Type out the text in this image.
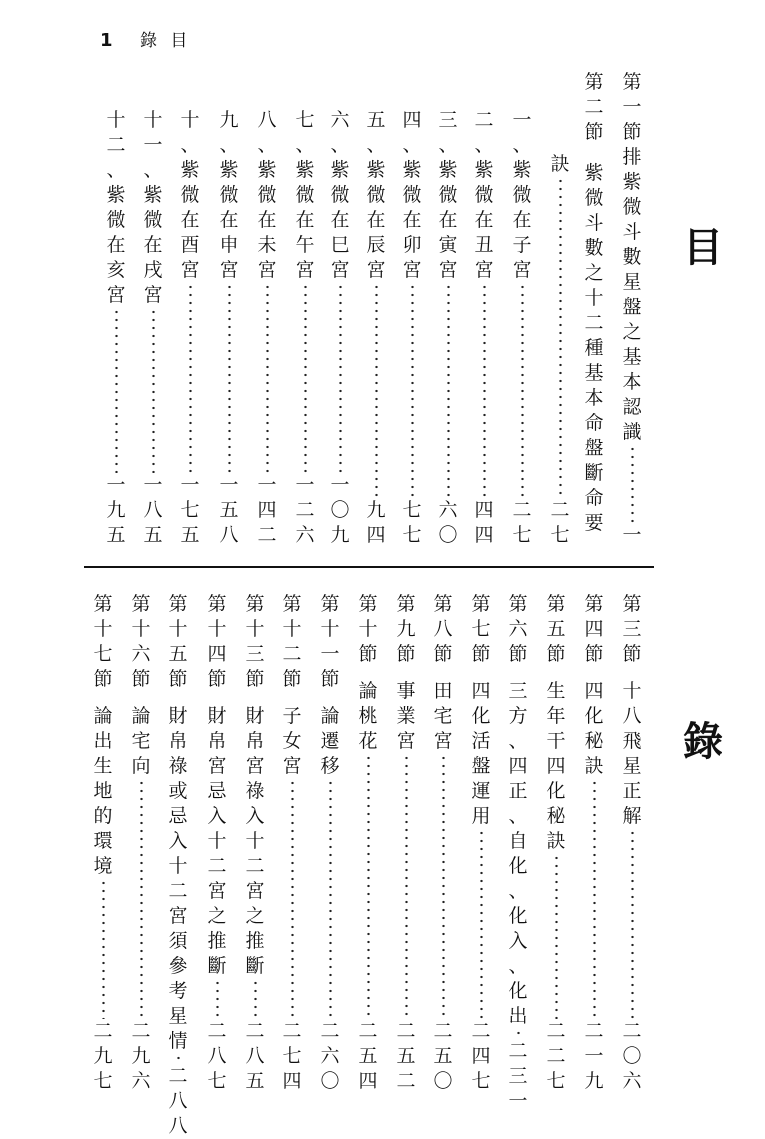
1 錄 目
目
錄
第
一
節
排
紫
微
斗
數
星
盤
之
基
本
認
識
一
第
二
節
紫
微
斗
數
之
十
二
種
基
本
命
盤
斷
命
要
訣
二
七
一
、
紫
微
在
子
宮
二
七
二
、
紫
微
在
丑
宮
四
四
三
、
紫
微
在
寅
宮
六
〇
四
、
紫
微
在
卯
宮
七
七
五
、
紫
微
在
辰
宮
九
四
六
、
紫
微
在
巳
宮
一
〇
九
七
、
紫
微
在
午
宮
一
二
六
八
、
紫
微
在
未
宮
一
四
二
九
、
紫
微
在
申
宮
一
五
八
十
、
紫
微
在
酉
宮
一
七
五
十
一
、
紫
微
在
戌
宮
一
八
五
十
二
、
紫
微
在
亥
宮
一
九
五
第
三
節
十
八
飛
星
正
解
二
〇
六
第
四
節
四
化
秘
訣
二
一
九
第
五
節
生
年
干
四
化
秘
訣
二
二
七
第
六
節
三
方
、
四
正
、
自
化
、
化
入
、
化
出
二
三
一
第
七
節
四
化
活
盤
運
用
二
四
七
第
八
節
田
宅
宮
二
五
〇
第
九
節
事
業
宮
二
五
二
第
十
節
論
桃
花
二
五
四
第
十
一
節
論
遷
移
二
六
〇
第
十
二
節
子
女
宮
二
七
四
第
十
三
節
財
帛
宮
祿
入
十
二
宮
之
推
斷
二
八
五
第
十
四
節
財
帛
宮
忌
入
十
二
宮
之
推
斷
二
八
七
第
十
五
節
財
帛
祿
或
忌
入
十
二
宮
須
參
考
星
情
二
八
八
第
十
六
節
論
宅
向
二
九
六
第
十
七
節
論
出
生
地
的
環
境
二
九
七
